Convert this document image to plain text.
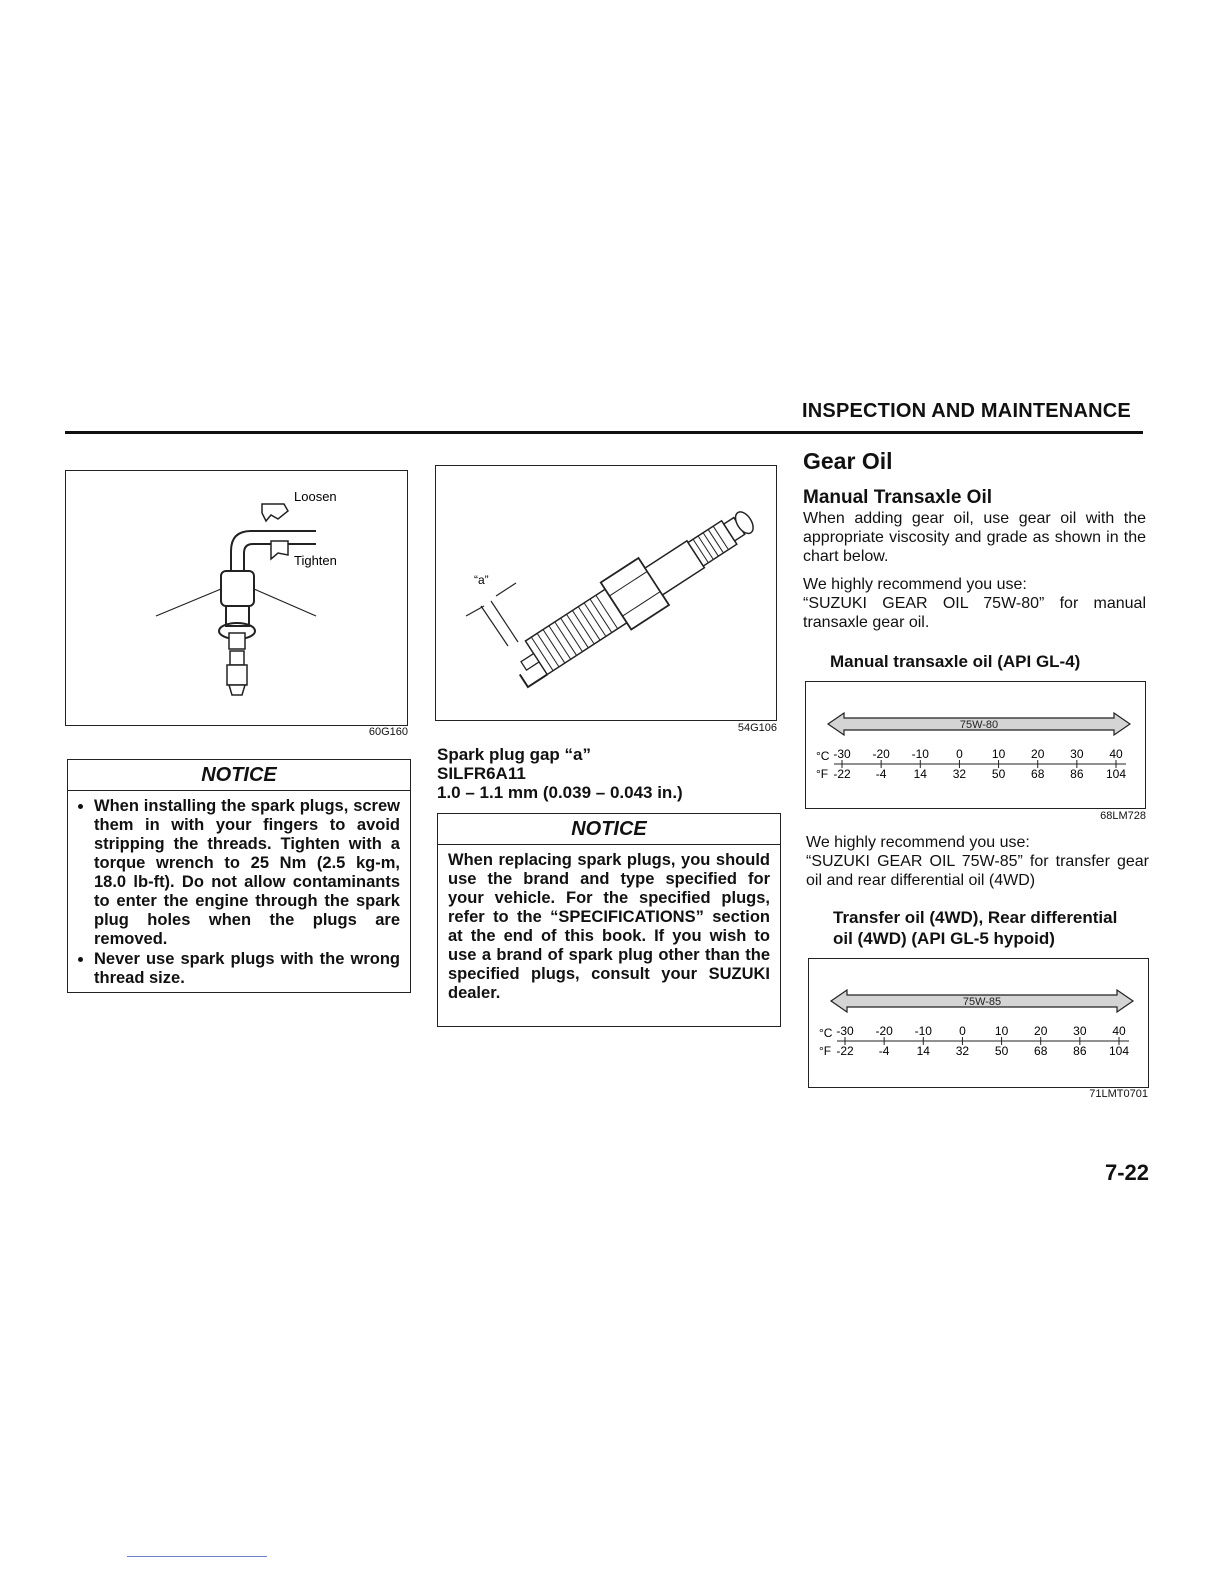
INSPECTION AND MAINTENANCE
Loosen
Tighten
60G160
NOTICE
• When installing the spark plugs, screw them in with your fingers to avoid stripping the threads. Tighten with a torque wrench to 25 Nm (2.5 kg-m, 18.0 lb-ft). Do not allow contaminants to enter the engine through the spark plug holes when the plugs are removed.
• Never use spark plugs with the wrong thread size.
“a”
54G106
Spark plug gap “a”
SILFR6A11
1.0 – 1.1 mm (0.039 – 0.043 in.)
NOTICE
When replacing spark plugs, you should use the brand and type specified for your vehicle. For the specified plugs, refer to the “SPECIFICATIONS” section at the end of this book. If you wish to use a brand of spark plug other than the specified plugs, consult your SUZUKI dealer.
Gear Oil
Manual Transaxle Oil
When adding gear oil, use gear oil with the appropriate viscosity and grade as shown in the chart below.
We highly recommend you use:
“SUZUKI GEAR OIL 75W-80” for manual transaxle gear oil.
Manual transaxle oil (API GL-4)
75W-80
°C
°F
-30
-22
-20
-4
-10
14
0
32
10
50
20
68
30
86
40
104
68LM728
We highly recommend you use:
“SUZUKI GEAR OIL 75W-85” for transfer gear oil and rear differential oil (4WD)
Transfer oil (4WD), Rear differential
oil (4WD) (API GL-5 hypoid)
75W-85
°C
°F
-30
-22
-20
-4
-10
14
0
32
10
50
20
68
30
86
40
104
71LMT0701
7-22
